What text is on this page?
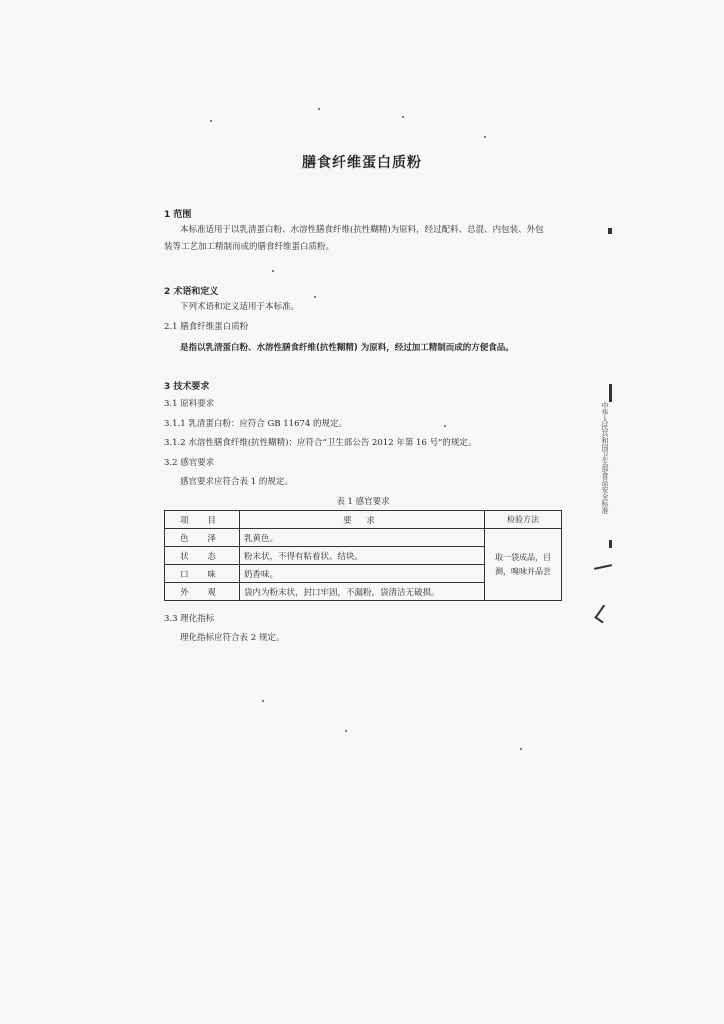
膳食纤维蛋白质粉
1 范围
本标准适用于以乳清蛋白粉、水溶性膳食纤维(抗性糊精)为原料，经过配料、总混、内包装、外包
装等工艺加工精制而成的膳食纤维蛋白质粉。
2 术语和定义
下列术语和定义适用于本标准。
2.1 膳食纤维蛋白质粉
是指以乳清蛋白粉、水溶性膳食纤维(抗性糊精) 为原料，经过加工精制而成的方便食品。
3 技术要求
3.1 原料要求
3.1.1 乳清蛋白粉：应符合 GB 11674 的规定。
3.1.2 水溶性膳食纤维(抗性糊精)：应符合“卫生部公告 2012 年第 16 号”的规定。
3.2 感官要求
感官要求应符合表 1 的规定。
表 1 感官要求
项 目	要 求	检验方法
色 泽	乳黄色。	取一袋成品，目测，嗅味并品尝
状 态	粉末状，不得有粘着状、结块。	
口 味	奶香味。	
外 观	袋内为粉末状，封口牢固，不漏粉，袋清洁无破损。	
3.3 理化指标
理化指标应符合表 2 规定。
中华人民共和国卫生部食品安全标准
